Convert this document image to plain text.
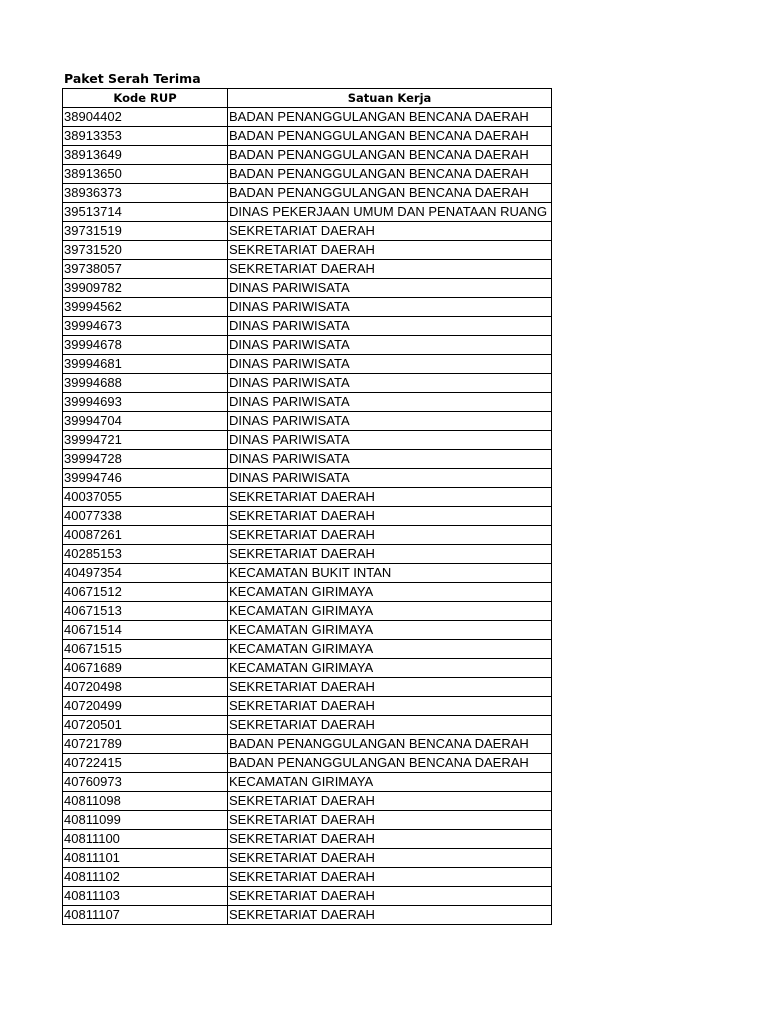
Paket Serah Terima
Kode RUP	Satuan Kerja
38904402	BADAN PENANGGULANGAN BENCANA DAERAH
38913353	BADAN PENANGGULANGAN BENCANA DAERAH
38913649	BADAN PENANGGULANGAN BENCANA DAERAH
38913650	BADAN PENANGGULANGAN BENCANA DAERAH
38936373	BADAN PENANGGULANGAN BENCANA DAERAH
39513714	DINAS PEKERJAAN UMUM DAN PENATAAN RUANG
39731519	SEKRETARIAT DAERAH
39731520	SEKRETARIAT DAERAH
39738057	SEKRETARIAT DAERAH
39909782	DINAS PARIWISATA
39994562	DINAS PARIWISATA
39994673	DINAS PARIWISATA
39994678	DINAS PARIWISATA
39994681	DINAS PARIWISATA
39994688	DINAS PARIWISATA
39994693	DINAS PARIWISATA
39994704	DINAS PARIWISATA
39994721	DINAS PARIWISATA
39994728	DINAS PARIWISATA
39994746	DINAS PARIWISATA
40037055	SEKRETARIAT DAERAH
40077338	SEKRETARIAT DAERAH
40087261	SEKRETARIAT DAERAH
40285153	SEKRETARIAT DAERAH
40497354	KECAMATAN BUKIT INTAN
40671512	KECAMATAN GIRIMAYA
40671513	KECAMATAN GIRIMAYA
40671514	KECAMATAN GIRIMAYA
40671515	KECAMATAN GIRIMAYA
40671689	KECAMATAN GIRIMAYA
40720498	SEKRETARIAT DAERAH
40720499	SEKRETARIAT DAERAH
40720501	SEKRETARIAT DAERAH
40721789	BADAN PENANGGULANGAN BENCANA DAERAH
40722415	BADAN PENANGGULANGAN BENCANA DAERAH
40760973	KECAMATAN GIRIMAYA
40811098	SEKRETARIAT DAERAH
40811099	SEKRETARIAT DAERAH
40811100	SEKRETARIAT DAERAH
40811101	SEKRETARIAT DAERAH
40811102	SEKRETARIAT DAERAH
40811103	SEKRETARIAT DAERAH
40811107	SEKRETARIAT DAERAH
